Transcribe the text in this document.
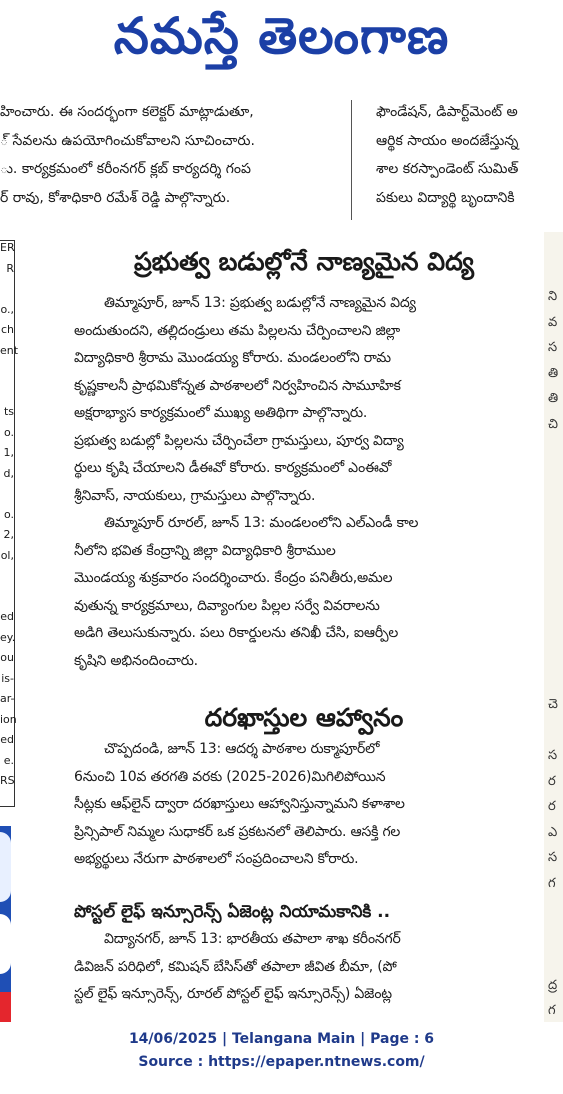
నమస్తే తెలంగాణ
హించారు. ఈ సందర్భంగా కలెక్టర్ మాట్లాడుతూ,
్ సేవలను ఉపయోగించుకోవాలని సూచించారు.
ు. కార్యక్రమంలో కరీంనగర్ క్లబ్ కార్యదర్శి గంప
ర్ రావు, కోశాధికారి రమేశ్ రెడ్డి పాల్గొన్నారు.
ఫౌండేషన్, డిపార్ట్‌మెంట్ అ
ఆర్థిక సాయం అందజేస్తున్న
శాల కరస్పాండెంట్ సుమిత్
పకులు విద్యార్థి బృందానికి
ER
R
o.,
ch
ent
ts
o.
1,
d,
o.
2,
ol,
ed
ey.
ou
is-
ar-
ion
ed
e.
RS
ని
వ
స
తి
తి
చి
చె
స
ర
ర
ఎ
స
గ
ద్ర
గ
ప్రభుత్వ బడుల్లోనే నాణ్యమైన విద్య
తిమ్మాపూర్, జూన్ 13: ప్రభుత్వ బడుల్లోనే నాణ్యమైన విద్య
అందుతుందని, తల్లిదండ్రులు తమ పిల్లలను చేర్పించాలని జిల్లా
విద్యాధికారి శ్రీరామ మొండయ్య కోరారు. మండలంలోని రామ
కృష్ణకాలనీ ప్రాథమికోన్నత పాఠశాలలో నిర్వహించిన సామూహిక
అక్షరాభ్యాస కార్యక్రమంలో ముఖ్య అతిథిగా పాల్గొన్నారు.
ప్రభుత్వ బడుల్లో పిల్లలను చేర్పించేలా గ్రామస్తులు, పూర్వ విద్యా
ర్థులు కృషి చేయాలని డీఈవో కోరారు. కార్యక్రమంలో ఎంఈవో
శ్రీనివాస్, నాయకులు, గ్రామస్తులు పాల్గొన్నారు.
తిమ్మాపూర్ రూరల్, జూన్ 13: మండలంలోని ఎల్‌ఎండీ కాల
నీలోని భవిత కేంద్రాన్ని జిల్లా విద్యాధికారి శ్రీరాముల
మొండయ్య శుక్రవారం సందర్శించారు. కేంద్రం పనితీరు,అమల
వుతున్న కార్యక్రమాలు, దివ్యాంగుల పిల్లల సర్వే వివరాలను
అడిగి తెలుసుకున్నారు. పలు రికార్డులను తనిఖీ చేసి, ఐఆర్పీల
కృషిని అభినందించారు.
దరఖాస్తుల ఆహ్వానం
చొప్పదండి, జూన్ 13: ఆదర్శ పాఠశాల రుక్మాపూర్‌లో
6నుంచి 10వ తరగతి వరకు (2025-2026)మిగిలిపోయిన
సీట్లకు ఆఫ్‌లైన్ ద్వారా దరఖాస్తులు ఆహ్వానిస్తున్నామని కళాశాల
ప్రిన్సిపాల్ నిమ్మల సుధాకర్ ఒక ప్రకటనలో తెలిపారు. ఆసక్తి గల
అభ్యర్థులు నేరుగా పాఠశాలలో సంప్రదించాలని కోరారు.
పోస్టల్ లైఫ్ ఇన్సూరెన్స్ ఏజెంట్ల నియామకానికి ..
విద్యానగర్, జూన్ 13: భారతీయ తపాలా శాఖ కరీంనగర్
డివిజన్ పరిధిలో, కమిషన్ బేసిస్‌తో తపాలా జీవిత బీమా, (పో
స్టల్ లైఫ్ ఇన్సూరెన్స్, రూరల్ పోస్టల్ లైఫ్ ఇన్సూరెన్స్) ఏజెంట్ల
14/06/2025 | Telangana Main | Page : 6
Source : https://epaper.ntnews.com/
